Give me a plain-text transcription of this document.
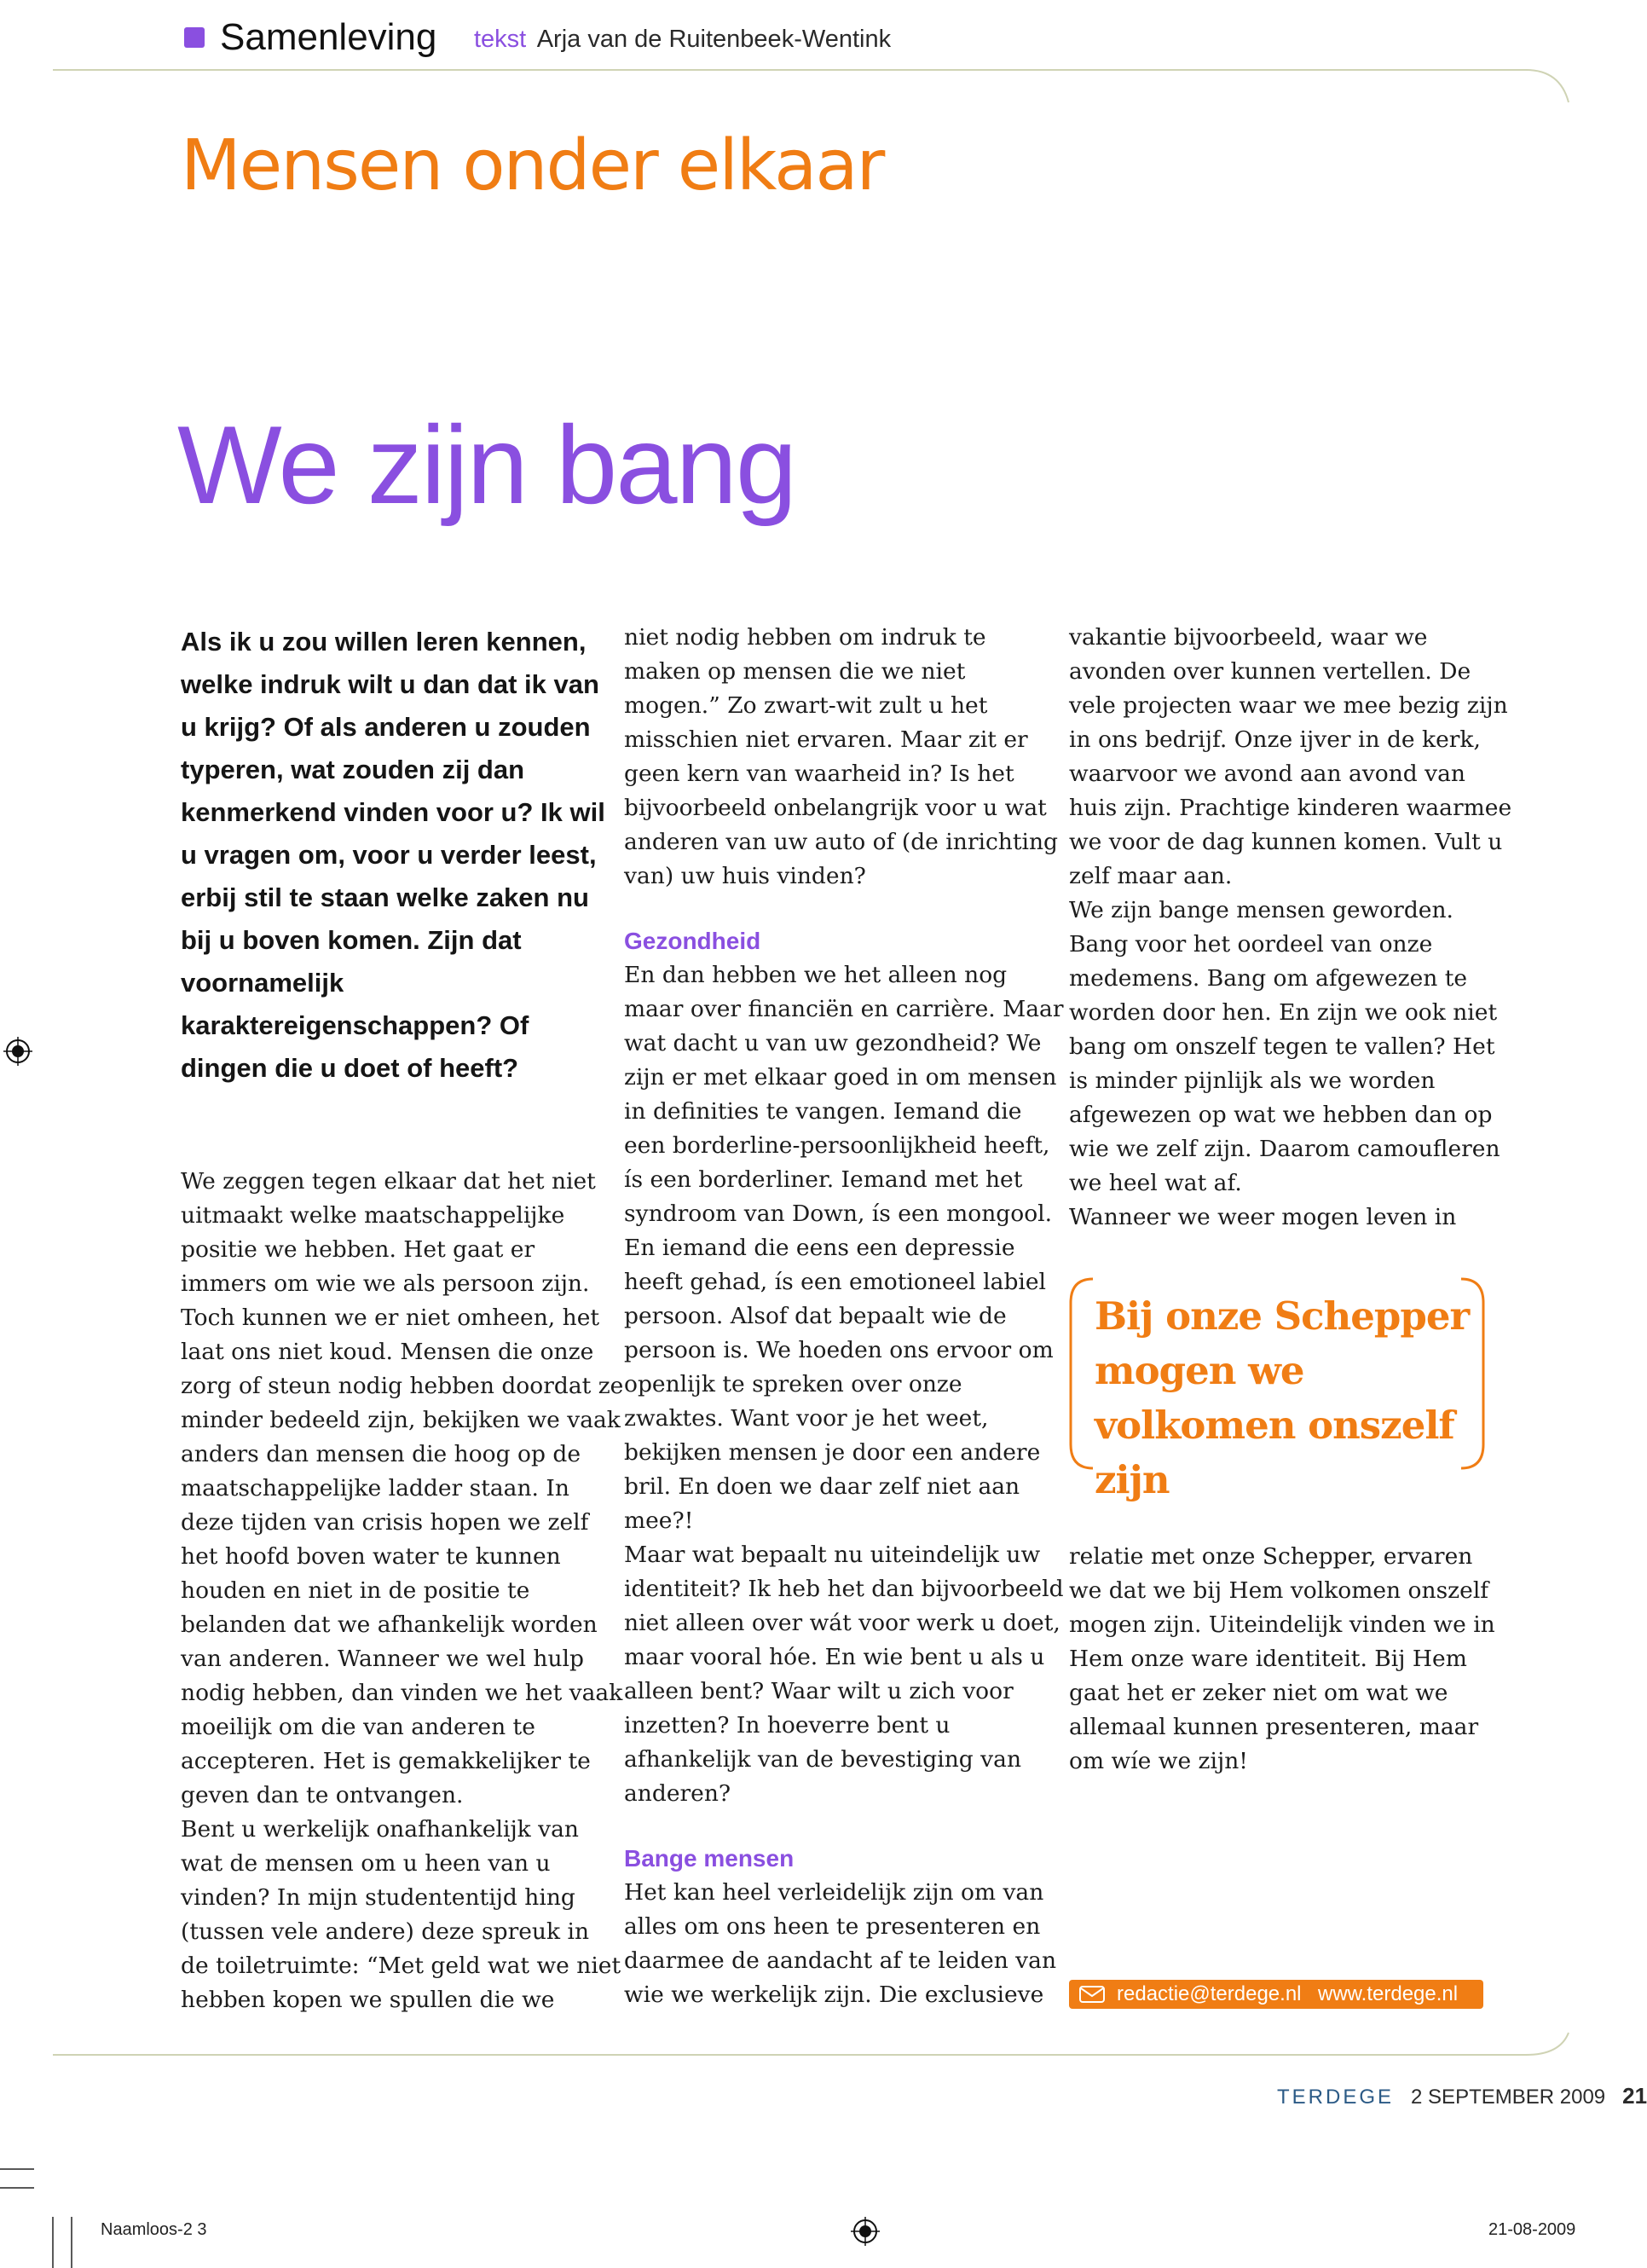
Samenleving tekst Arja van de Ruitenbeek-Wentink
Mensen onder elkaar
We zijn bang
Als ik u zou willen leren kennen, welke indruk wilt u dan dat ik van u krijg? Of als anderen u zouden typeren, wat zouden zij dan kenmerkend vinden voor u? Ik wil u vragen om, voor u verder leest, erbij stil te staan welke zaken nu bij u boven komen. Zijn dat voornamelijk karaktereigenschappen? Of dingen die u doet of heeft?

We zeggen tegen elkaar dat het niet uitmaakt welke maatschappelijke positie we hebben. Het gaat er immers om wie we als persoon zijn. Toch kunnen we er niet omheen, het laat ons niet koud. Mensen die onze zorg of steun nodig hebben doordat ze minder bedeeld zijn, bekijken we vaak anders dan mensen die hoog op de maatschappelijke ladder staan. In deze tijden van crisis hopen we zelf het hoofd boven water te kunnen houden en niet in de positie te belanden dat we afhankelijk worden van anderen. Wanneer we wel hulp nodig hebben, dan vinden we het vaak moeilijk om die van anderen te accepteren. Het is gemakkelijker te geven dan te ontvangen.

Bent u werkelijk onafhankelijk van wat de mensen om u heen van u vinden? In mijn studententijd hing (tussen vele andere) deze spreuk in de toiletruimte: “Met geld wat we niet hebben kopen we spullen die we

niet nodig hebben om indruk te maken op mensen die we niet mogen.” Zo zwart-wit zult u het misschien niet ervaren. Maar zit er geen kern van waarheid in? Is het bijvoorbeeld onbelangrijk voor u wat anderen van uw auto of (de inrichting van) uw huis vinden?

Gezondheid

En dan hebben we het alleen nog maar over financiën en carrière. Maar wat dacht u van uw gezondheid? We zijn er met elkaar goed in om mensen in definities te vangen. Iemand die een borderline-persoonlijkheid heeft, ís een borderliner. Iemand met het syndroom van Down, ís een mongool. En iemand die eens een depressie heeft gehad, ís een emotioneel labiel persoon. Alsof dat bepaalt wie de persoon is. We hoeden ons ervoor om openlijk te spreken over onze zwaktes. Want voor je het weet, bekijken mensen je door een andere bril. En doen we daar zelf niet aan mee?!

Maar wat bepaalt nu uiteindelijk uw identiteit? Ik heb het dan bijvoorbeeld niet alleen over wát voor werk u doet, maar vooral hóe. En wie bent u als u alleen bent? Waar wilt u zich voor inzetten? In hoeverre bent u afhankelijk van de bevestiging van anderen?

Bange mensen

Het kan heel verleidelijk zijn om van alles om ons heen te presenteren en daarmee de aandacht af te leiden van wie we werkelijk zijn. Die exclusieve

vakantie bijvoorbeeld, waar we avonden over kunnen vertellen. De vele projecten waar we mee bezig zijn in ons bedrijf. Onze ijver in de kerk, waarvoor we avond aan avond van huis zijn. Prachtige kinderen waarmee we voor de dag kunnen komen. Vult u zelf maar aan.

We zijn bange mensen geworden. Bang voor het oordeel van onze medemens. Bang om afgewezen te worden door hen. En zijn we ook niet bang om onszelf tegen te vallen? Het is minder pijnlijk als we worden afgewezen op wat we hebben dan op wie we zelf zijn. Daarom camoufleren we heel wat af.

Wanneer we weer mogen leven in

Bij onze Schepper mogen we volkomen onszelf zijn

relatie met onze Schepper, ervaren we dat we bij Hem volkomen onszelf mogen zijn. Uiteindelijk vinden we in Hem onze ware identiteit. Bij Hem gaat het er zeker niet om wat we allemaal kunnen presenteren, maar om wíe we zijn!

redactie@terdege.nl www.terdege.nl
TERDEGE 2 SEPTEMBER 2009 21
Naamloos-2 3	21-08-2009
